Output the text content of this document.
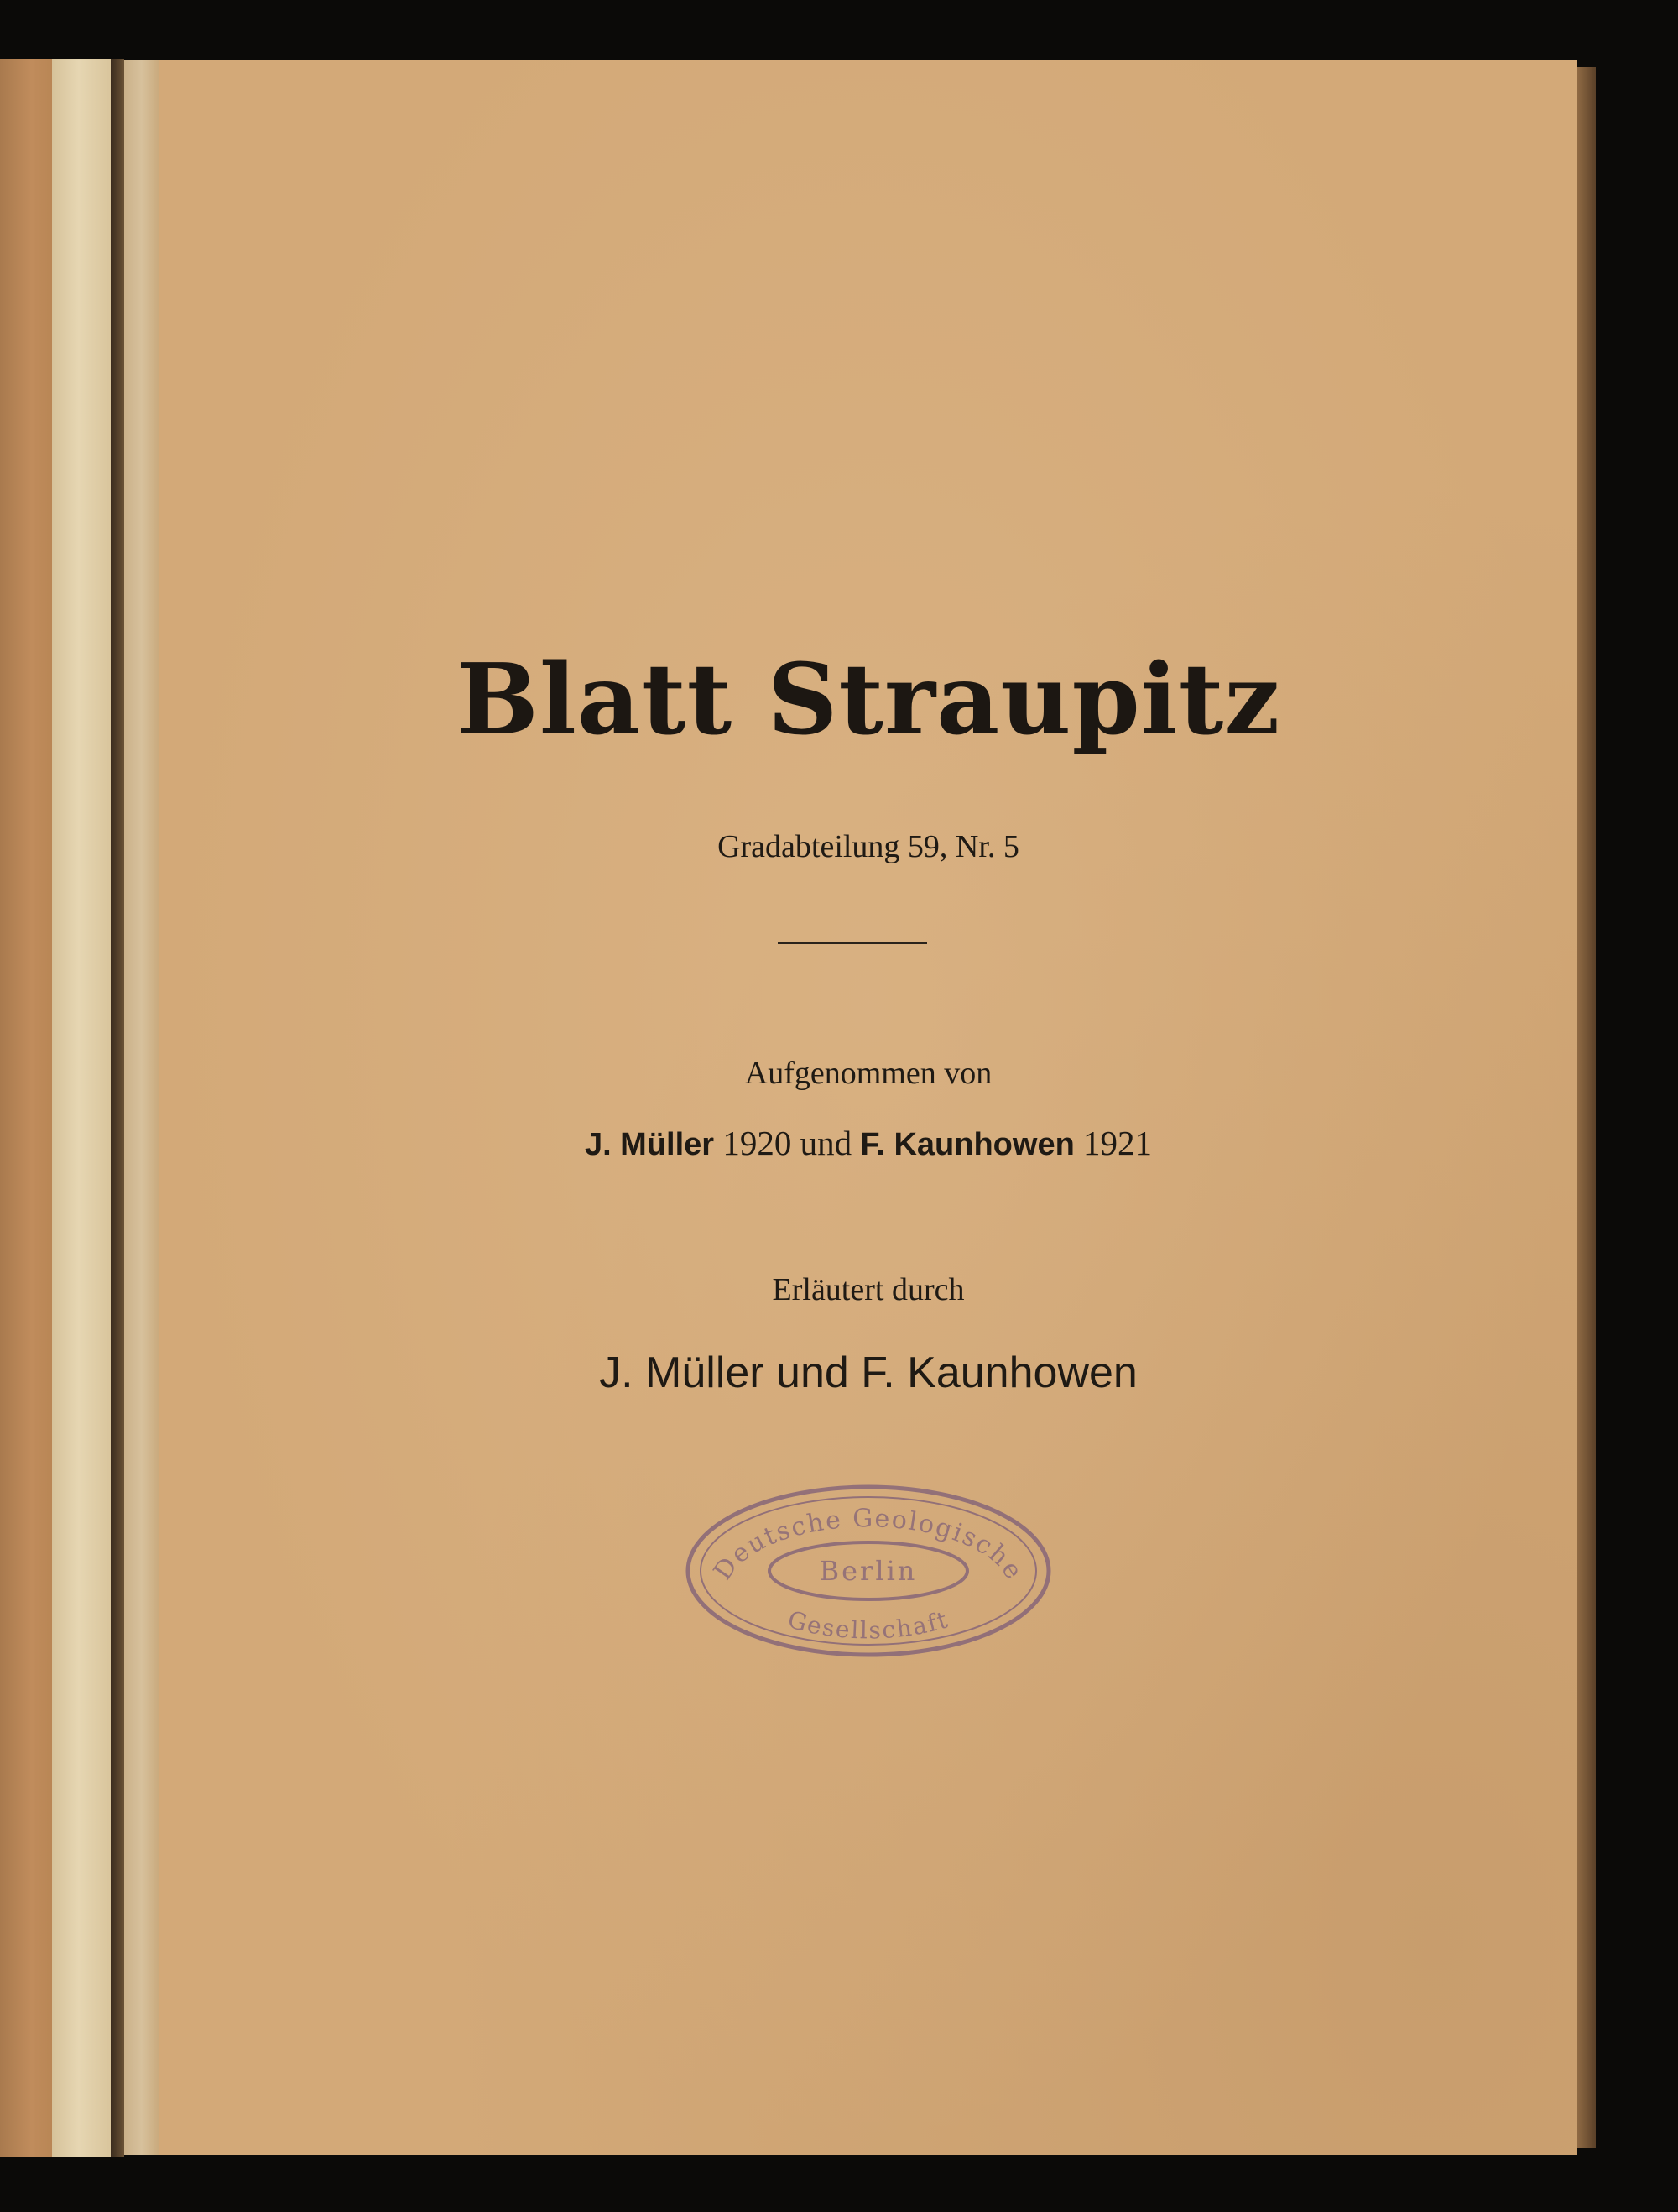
Blatt Straupitz
Gradabteilung 59, Nr. 5
Aufgenommen von
J. Müller 1920 und F. Kaunhowen 1921
Erläutert durch
J. Müller und F. Kaunhowen
Deutsche Geologische
Berlin
Gesellschaft
